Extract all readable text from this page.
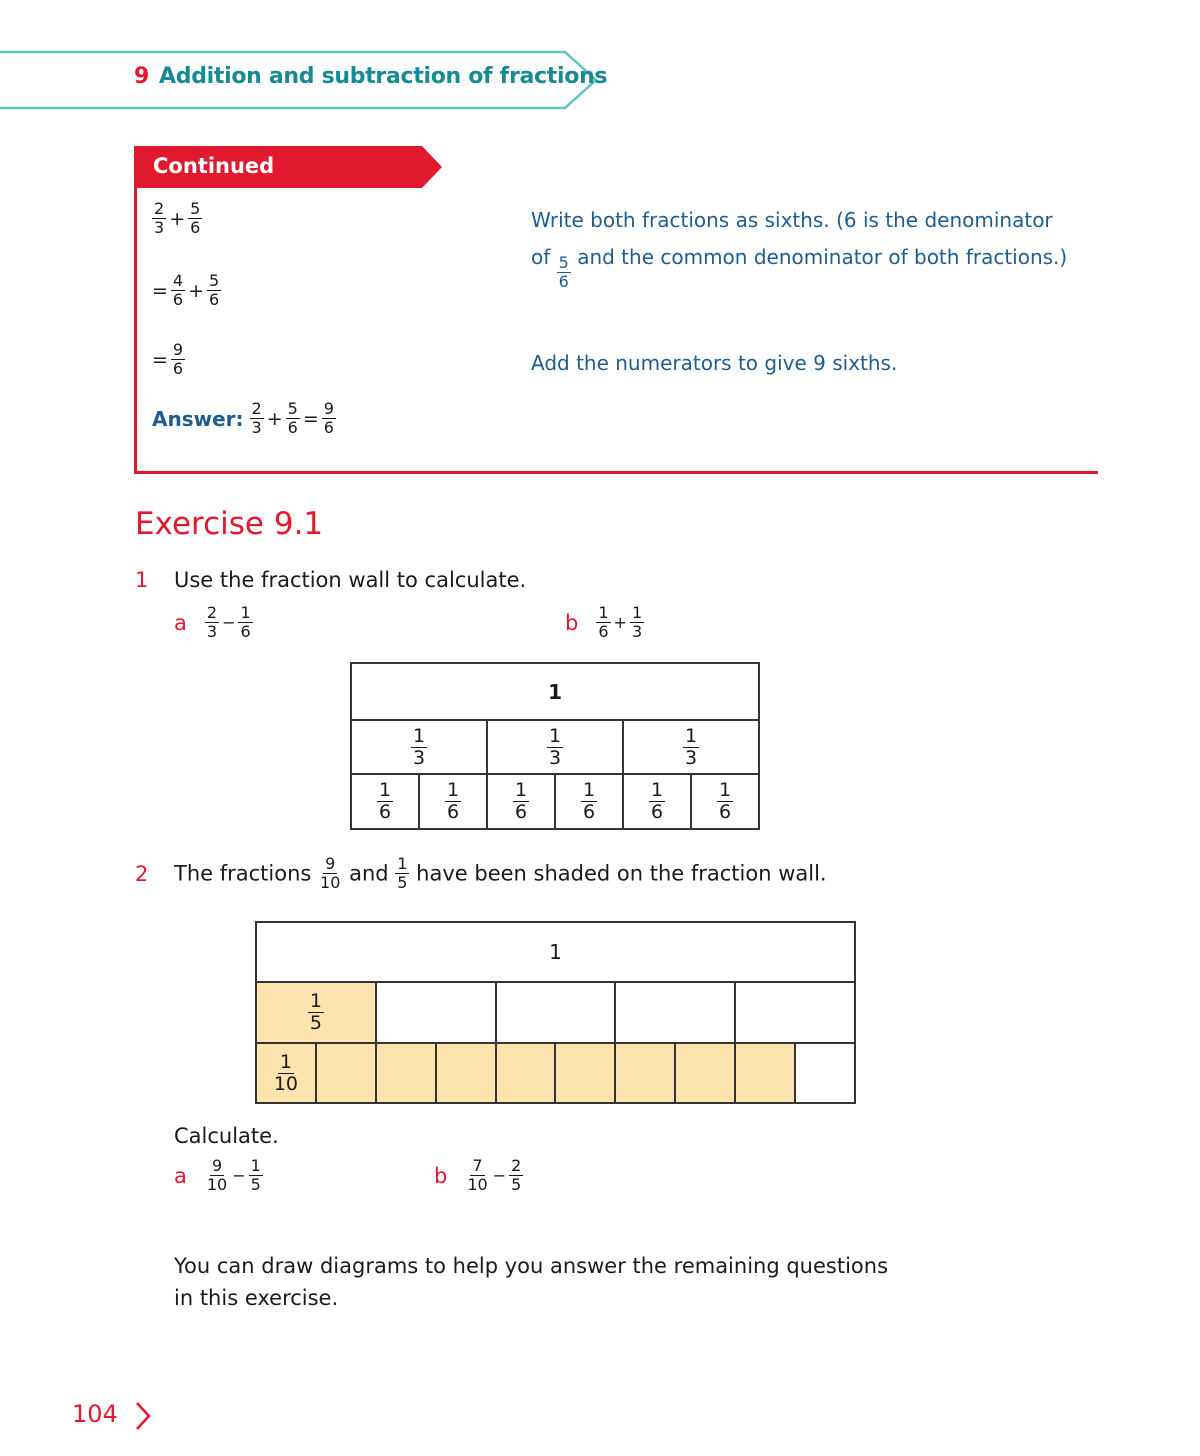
9 Addition and subtraction of fractions
Continued
$\frac{2}{3} + \frac{5}{6}$
= $\frac{4}{6} + \frac{5}{6}$
= $\frac{9}{6}$
Answer: $\frac{2}{3} + \frac{5}{6} = \frac{9}{6}$
Write both fractions as sixths. (6 is the denominator of $\frac{5}{6}$ and the common denominator of both fractions.)
Add the numerators to give 9 sixths.
Exercise 9.1
1 Use the fraction wall to calculate.
a $\frac{2}{3} - \frac{1}{6}$	b $\frac{1}{6} + \frac{1}{3}$
1					

$\frac{1}{3}$		$\frac{1}{3}$		$\frac{1}{3}$

$\frac{1}{6}$	$\frac{1}{6}$	$\frac{1}{6}$	$\frac{1}{6}$	$\frac{1}{6}$	$\frac{1}{6}$
2 The fractions $\frac{9}{10}$ and $\frac{1}{5}$ have been shaded on the fraction wall.
1									

$\frac{1}{5}$

$\frac{1}{10}$

Calculate.
a $\frac{9}{10} - \frac{1}{5}$	b $\frac{7}{10} - \frac{2}{5}$
You can draw diagrams to help you answer the remaining questions in this exercise.
104
